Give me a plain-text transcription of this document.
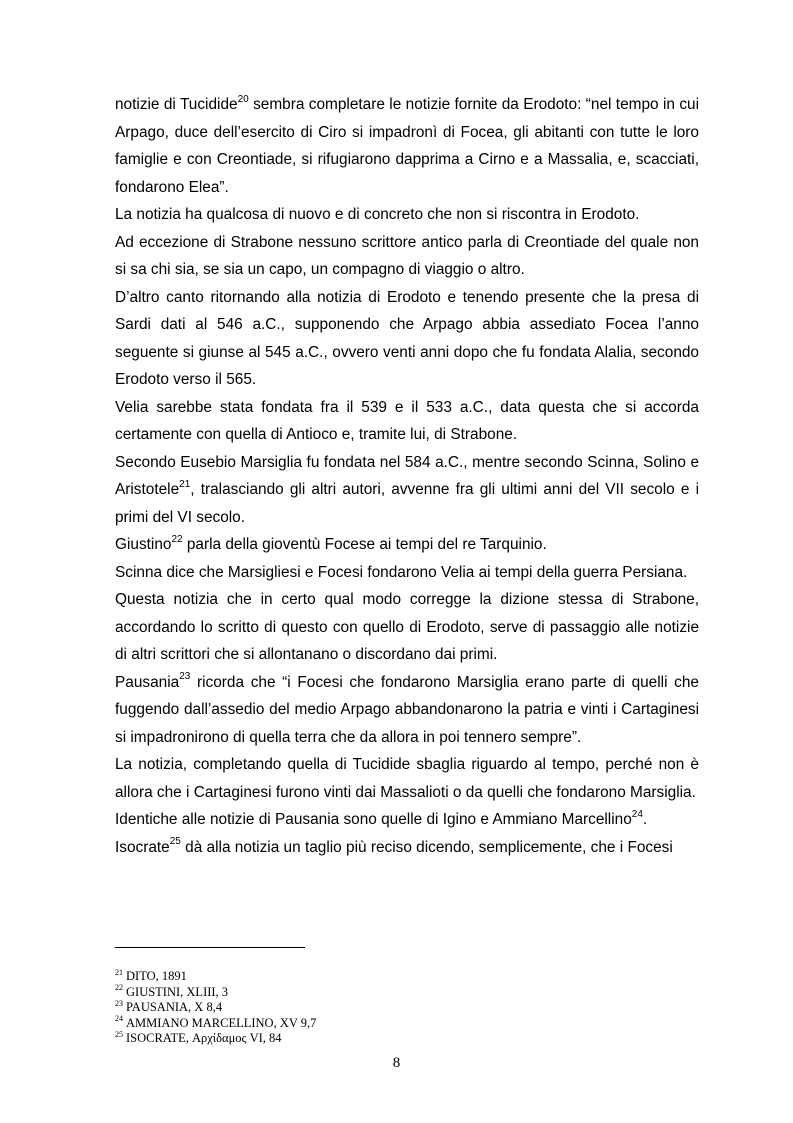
notizie di Tucidide$^{20}$ sembra completare le notizie fornite da Erodoto: “nel tempo in cui Arpago, duce dell’esercito di Ciro si impadronì di Focea, gli abitanti con tutte le loro famiglie e con Creontiade, si rifugiarono dapprima a Cirno e a Massalia, e, scacciati, fondarono Elea”.

La notizia ha qualcosa di nuovo e di concreto che non si riscontra in Erodoto.

Ad eccezione di Strabone nessuno scrittore antico parla di Creontiade del quale non si sa chi sia, se sia un capo, un compagno di viaggio o altro.

D’altro canto ritornando alla notizia di Erodoto e tenendo presente che la presa di Sardi dati al 546 a.C., supponendo che Arpago abbia assediato Focea l’anno seguente si giunse al 545 a.C., ovvero venti anni dopo che fu fondata Alalia, secondo Erodoto verso il 565.

Velia sarebbe stata fondata fra il 539 e il 533 a.C., data questa che si accorda certamente con quella di Antioco e, tramite lui, di Strabone.

Secondo Eusebio Marsiglia fu fondata nel 584 a.C., mentre secondo Scinna, Solino e Aristotele$^{21}$, tralasciando gli altri autori, avvenne fra gli ultimi anni del VII secolo e i primi del VI secolo.

Giustino$^{22}$ parla della gioventù Focese ai tempi del re Tarquinio.

Scinna dice che Marsigliesi e Focesi fondarono Velia ai tempi della guerra Persiana.

Questa notizia che in certo qual modo corregge la dizione stessa di Strabone, accordando lo scritto di questo con quello di Erodoto, serve di passaggio alle notizie di altri scrittori che si allontanano o discordano dai primi.

Pausania$^{23}$ ricorda che “i Focesi che fondarono Marsiglia erano parte di quelli che fuggendo dall’assedio del medio Arpago abbandonarono la patria e vinti i Cartaginesi si impadronirono di quella terra che da allora in poi tennero sempre”.

La notizia, completando quella di Tucidide sbaglia riguardo al tempo, perché non è allora che i Cartaginesi furono vinti dai Massalioti o da quelli che fondarono Marsiglia.

Identiche alle notizie di Pausania sono quelle di Igino e Ammiano Marcellino$^{24}$.

Isocrate$^{25}$ dà alla notizia un taglio più reciso dicendo, semplicemente, che i Focesi

$^{21}$ DITO, 1891

$^{22}$ GIUSTINI, XLIII, 3

$^{23}$ PAUSANIA, X 8,4

$^{24}$ AMMIANO MARCELLINO, XV 9,7

$^{25}$ ISOCRATE, Αρχίδαμος VI, 84

8
